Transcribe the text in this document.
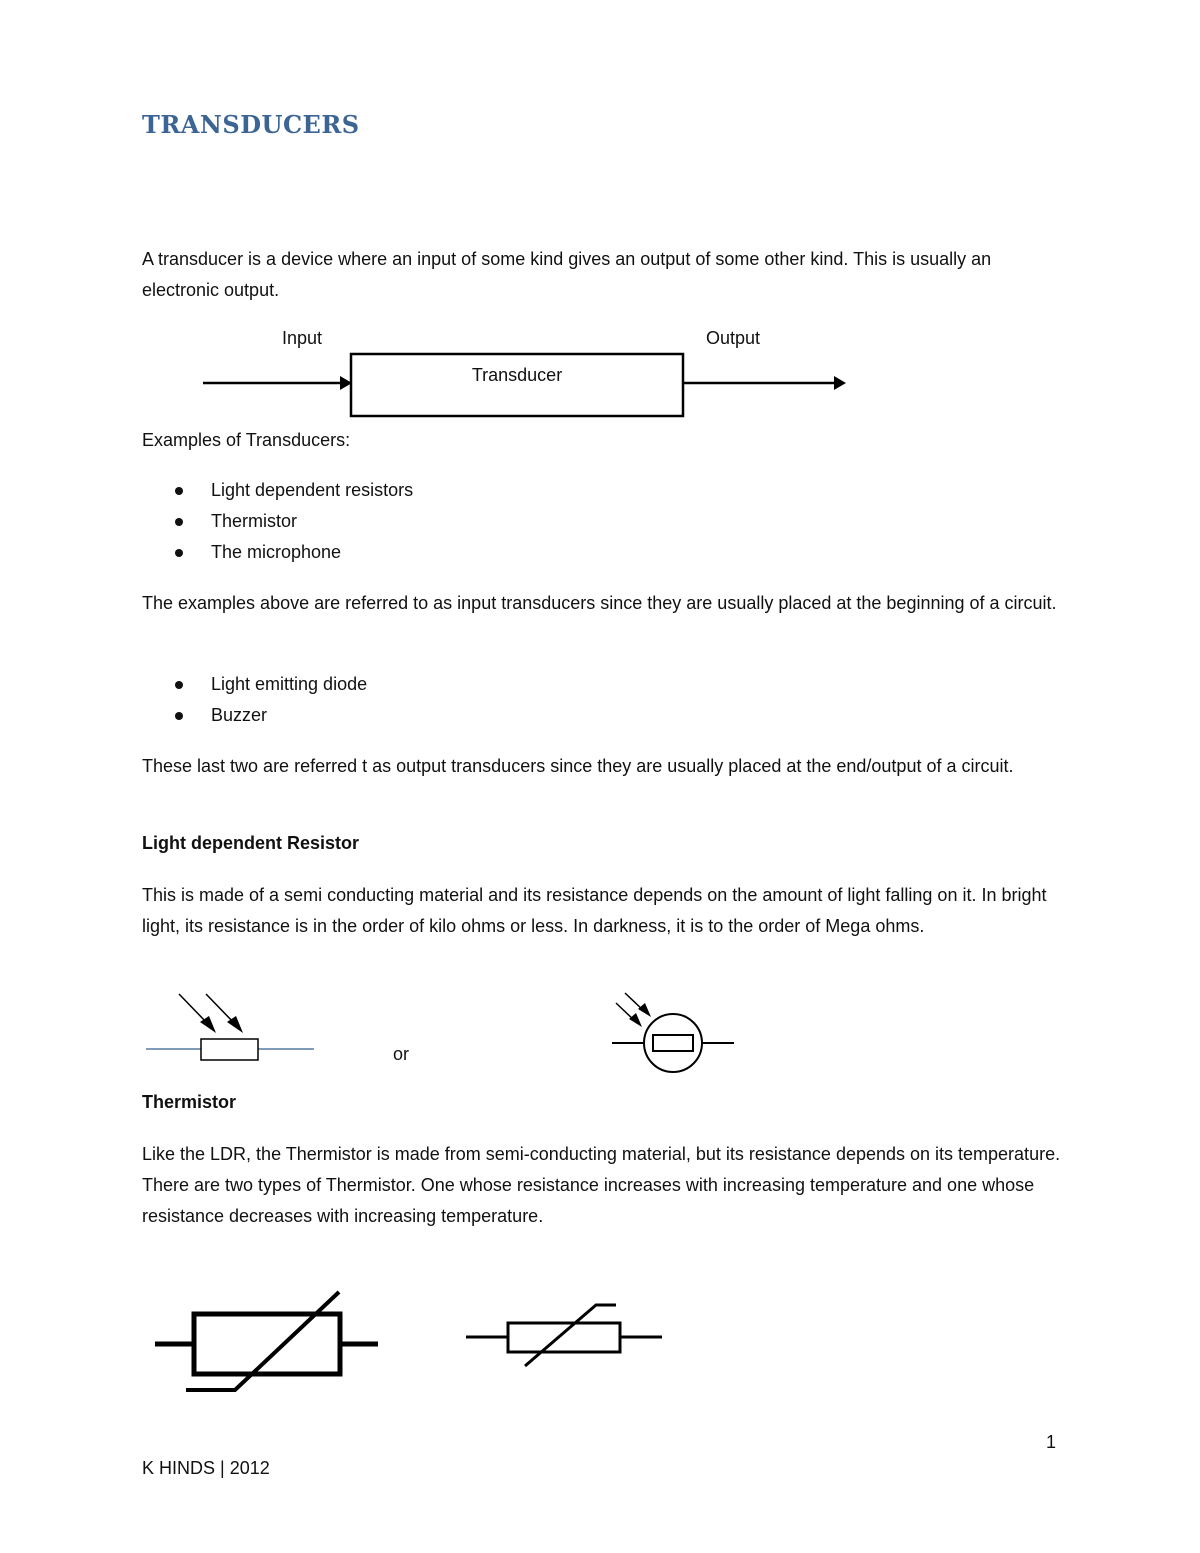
TRANSDUCERS

A transducer is a device where an input of some kind gives an output of some other kind. This is usually an electronic output.

Input	Output
Transducer
Examples of Transducers:
Light dependent resistors
Thermistor
The microphone

The examples above are referred to as input transducers since they are usually placed at the beginning of a circuit.

Light emitting diode
Buzzer

These last two are referred t as output transducers since they are usually placed at the end/output of a circuit.

Light dependent Resistor

This is made of a semi conducting material and its resistance depends on the amount of light falling on it. In bright light, its resistance is in the order of kilo ohms or less. In darkness, it is to the order of Mega ohms.

or
Thermistor

Like the LDR, the Thermistor is made from semi-conducting material, but its resistance depends on its temperature. There are two types of Thermistor. One whose resistance increases with increasing temperature and one whose resistance decreases with increasing temperature.

1
K HINDS | 2012
